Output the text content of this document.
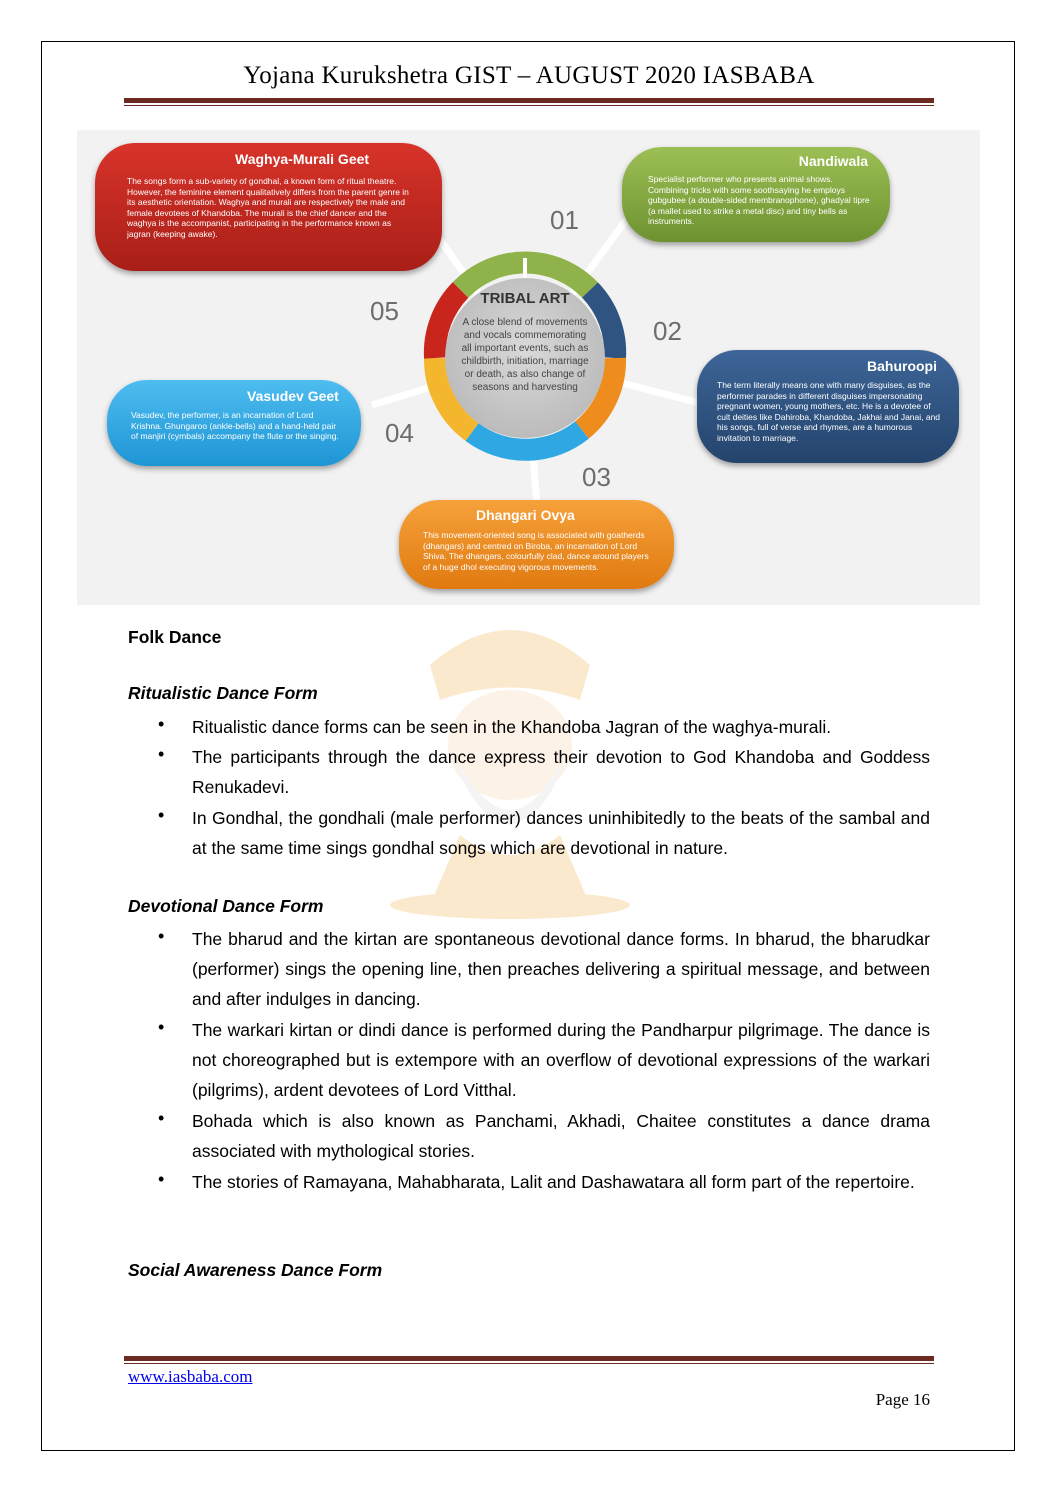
Yojana Kurukshetra GIST – AUGUST 2020 IASBABA
TRIBAL ART
A close blend of movements and vocals commemorating all important events, such as childbirth, initiation, marriage or death, as also change of seasons and harvesting
01
02
03
04
05
Waghya-Murali Geet
The songs form a sub-variety of gondhal, a known form of ritual theatre. However, the feminine element qualitatively differs from the parent genre in its aesthetic orientation. Waghya and murali are respectively the male and female devotees of Khandoba. The murali is the chief dancer and the waghya is the accompanist, participating in the performance known as jagran (keeping awake).
Nandiwala
Specialist performer who presents animal shows. Combining tricks with some soothsaying he employs gubgubee (a double-sided membranophone), ghadyal tipre (a mallet used to strike a metal disc) and tiny bells as instruments.
Bahuroopi
The term literally means one with many disguises, as the performer parades in different disguises impersonating pregnant women, young mothers, etc. He is a devotee of cult deities like Dahiroba, Khandoba, Jakhai and Janai, and his songs, full of verse and rhymes, are a humorous invitation to marriage.
Dhangari Ovya
This movement-oriented song is associated with goatherds (dhangars) and centred on Biroba, an incarnation of Lord Shiva. The dhangars, colourfully clad, dance around players of a huge dhol executing vigorous movements.
Vasudev Geet
Vasudev, the performer, is an incarnation of Lord Krishna. Ghungaroo (ankle-bells) and a hand-held pair of manjiri (cymbals) accompany the flute or the singing.
Folk Dance
Ritualistic Dance Form
• Ritualistic dance forms can be seen in the Khandoba Jagran of the waghya-murali.
• The participants through the dance express their devotion to God Khandoba and Goddess Renukadevi.
• In Gondhal, the gondhali (male performer) dances uninhibitedly to the beats of the sambal and at the same time sings gondhal songs which are devotional in nature.
Devotional Dance Form
• The bharud and the kirtan are spontaneous devotional dance forms. In bharud, the bharudkar (performer) sings the opening line, then preaches delivering a spiritual message, and between and after indulges in dancing.
• The warkari kirtan or dindi dance is performed during the Pandharpur pilgrimage. The dance is not choreographed but is extempore with an overflow of devotional expressions of the warkari (pilgrims), ardent devotees of Lord Vitthal.
• Bohada which is also known as Panchami, Akhadi, Chaitee constitutes a dance drama associated with mythological stories.
• The stories of Ramayana, Mahabharata, Lalit and Dashawatara all form part of the repertoire.
Social Awareness Dance Form
www.iasbaba.com
Page 16
